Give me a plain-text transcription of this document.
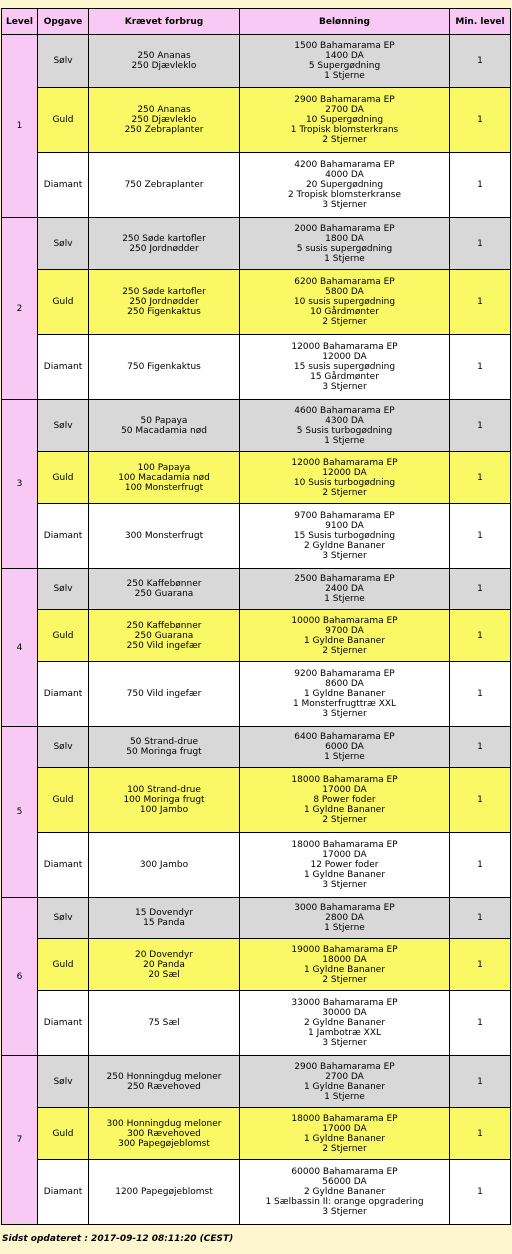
Level	Opgave	Krævet forbrug	Belønning	Min. level
1	Sølv	250 Ananas
250 Djævleklo	1500 Bahamarama EP
1400 DA
5 Supergødning
1 Stjerne	1
	Guld	250 Ananas
250 Djævleklo
250 Zebraplanter	2900 Bahamarama EP
2700 DA
10 Supergødning
1 Tropisk blomsterkrans
2 Stjerner	1
	Diamant	750 Zebraplanter	4200 Bahamarama EP
4000 DA
20 Supergødning
2 Tropisk blomsterkranse
3 Stjerner	1
2	Sølv	250 Søde kartofler
250 Jordnødder	2000 Bahamarama EP
1800 DA
5 susis supergødning
1 Stjerne	1
	Guld	250 Søde kartofler
250 Jordnødder
250 Figenkaktus	6200 Bahamarama EP
5800 DA
10 susis supergødning
10 Gårdmønter
2 Stjerner	1
	Diamant	750 Figenkaktus	12000 Bahamarama EP
12000 DA
15 susis supergødning
15 Gårdmønter
3 Stjerner	1
3	Sølv	50 Papaya
50 Macadamia nød	4600 Bahamarama EP
4300 DA
5 Susis turbogødning
1 Stjerne	1
	Guld	100 Papaya
100 Macadamia nød
100 Monsterfrugt	12000 Bahamarama EP
12000 DA
10 Susis turbogødning
2 Stjerner	1
	Diamant	300 Monsterfrugt	9700 Bahamarama EP
9100 DA
15 Susis turbogødning
2 Gyldne Bananer
3 Stjerner	1
4	Sølv	250 Kaffebønner
250 Guarana	2500 Bahamarama EP
2400 DA
1 Stjerne	1
	Guld	250 Kaffebønner
250 Guarana
250 Vild ingefær	10000 Bahamarama EP
9700 DA
1 Gyldne Bananer
2 Stjerner	1
	Diamant	750 Vild ingefær	9200 Bahamarama EP
8600 DA
1 Gyldne Bananer
1 Monsterfrugttræ XXL
3 Stjerner	1
5	Sølv	50 Strand-drue
50 Moringa frugt	6400 Bahamarama EP
6000 DA
1 Stjerne	1
	Guld	100 Strand-drue
100 Moringa frugt
100 Jambo	18000 Bahamarama EP
17000 DA
8 Power foder
1 Gyldne Bananer
2 Stjerner	1
	Diamant	300 Jambo	18000 Bahamarama EP
17000 DA
12 Power foder
1 Gyldne Bananer
3 Stjerner	1
6	Sølv	15 Dovendyr
15 Panda	3000 Bahamarama EP
2800 DA
1 Stjerne	1
	Guld	20 Dovendyr
20 Panda
20 Sæl	19000 Bahamarama EP
18000 DA
1 Gyldne Bananer
2 Stjerner	1
	Diamant	75 Sæl	33000 Bahamarama EP
30000 DA
2 Gyldne Bananer
1 Jambotræ XXL
3 Stjerner	1
7	Sølv	250 Honningdug meloner
250 Rævehoved	2900 Bahamarama EP
2700 DA
1 Gyldne Bananer
1 Stjerne	1
	Guld	300 Honningdug meloner
300 Rævehoved
300 Papegøjeblomst	18000 Bahamarama EP
17000 DA
1 Gyldne Bananer
2 Stjerner	1
	Diamant	1200 Papegøjeblomst	60000 Bahamarama EP
56000 DA
2 Gyldne Bananer
1 Sælbassin II: orange opgradering
3 Stjerner	1
Sidst opdateret : 2017-09-12 08:11:20 (CEST)
